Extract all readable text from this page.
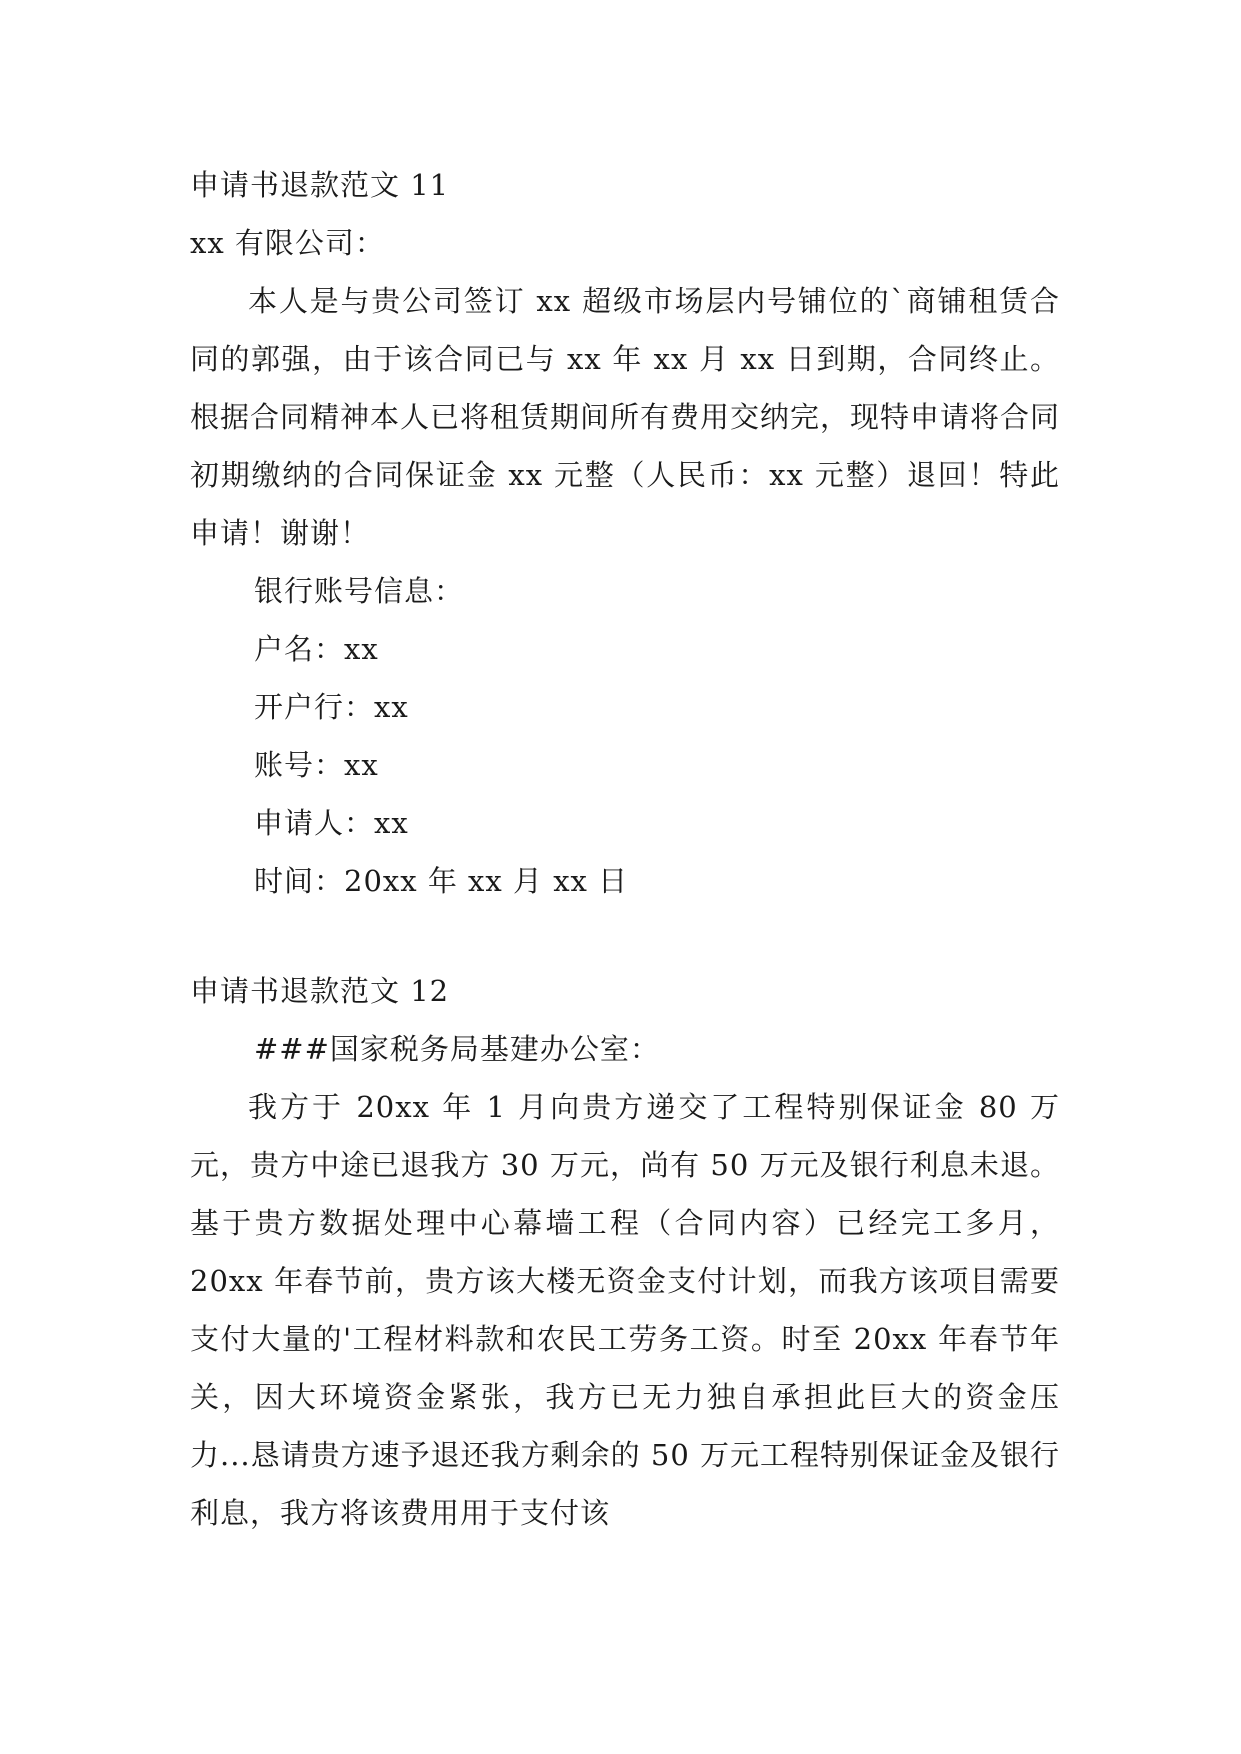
申请书退款范文 11

xx 有限公司：

本人是与贵公司签订 xx 超级市场层内号铺位的`商铺租赁合同的郭强，由于该合同已与 xx 年 xx 月 xx 日到期，合同终止。根据合同精神本人已将租赁期间所有费用交纳完，现特申请将合同初期缴纳的合同保证金 xx 元整（人民币：xx 元整）退回！特此申请！谢谢！

银行账号信息：

户名：xx

开户行：xx

账号：xx

申请人：xx

时间：20xx 年 xx 月 xx 日

申请书退款范文 12

###国家税务局基建办公室：

我方于 20xx 年 1 月向贵方递交了工程特别保证金 80 万元，贵方中途已退我方 30 万元，尚有 50 万元及银行利息未退。基于贵方数据处理中心幕墙工程（合同内容）已经完工多月，20xx 年春节前，贵方该大楼无资金支付计划，而我方该项目需要支付大量的'工程材料款和农民工劳务工资。时至 20xx 年春节年关，因大环境资金紧张，我方已无力独自承担此巨大的资金压力...恳请贵方速予退还我方剩余的 50 万元工程特别保证金及银行利息，我方将该费用用于支付该
